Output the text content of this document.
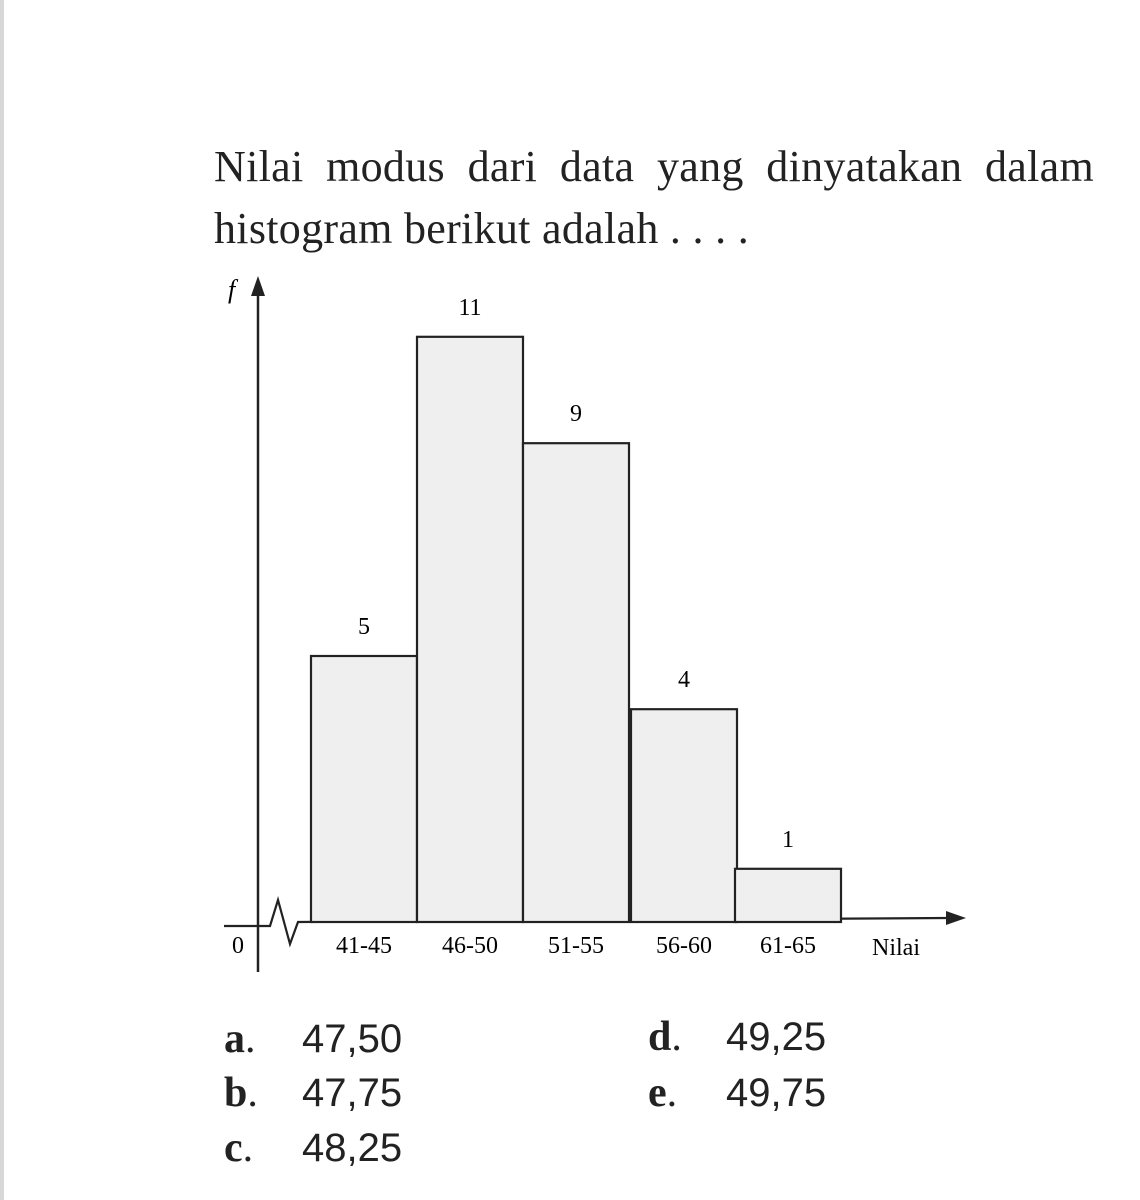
Nilai modus dari data yang dinyatakan dalam
histogram berikut adalah . . . .
f
0	Nilai
5
11
9
4
1
41-45 46-50 51-55 56-60 61-65
a. 47,50
b. 47,75
c. 48,25
d. 49,25
e. 49,75
